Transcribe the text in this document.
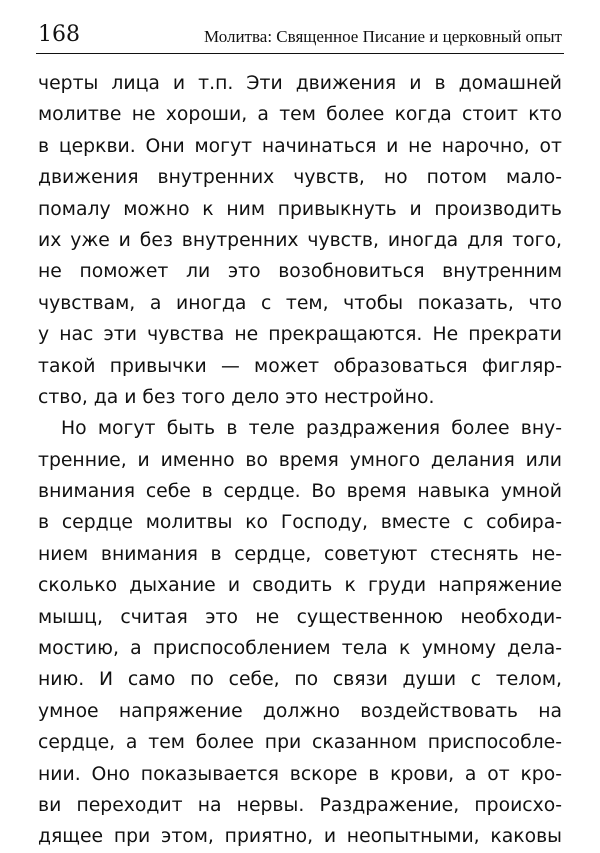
168	Молитва: Священное Писание и церковный опыт
черты лица и т.п. Эти движения и в домашней
молитве не хороши, а тем более когда стоит кто
в церкви. Они могут начинаться и не нарочно, от
движения внутренних чувств, но потом мало-
помалу можно к ним привыкнуть и производить
их уже и без внутренних чувств, иногда для того,
не поможет ли это возобновиться внутренним
чувствам, а иногда с тем, чтобы показать, что
у нас эти чувства не прекращаются. Не прекрати
такой привычки — может образоваться фигляр-
ство, да и без того дело это нестройно.
Но могут быть в теле раздражения более вну-
тренние, и именно во время умного делания или
внимания себе в сердце. Во время навыка умной
в сердце молитвы ко Господу, вместе с собира-
нием внимания в сердце, советуют стеснять не-
сколько дыхание и сводить к груди напряжение
мышц, считая это не существенною необходи-
мостию, а приспособлением тела к умному дела-
нию. И само по себе, по связи души с телом,
умное напряжение должно воздействовать на
сердце, а тем более при сказанном приспособле-
нии. Оно показывается вскоре в крови, а от кро-
ви переходит на нервы. Раздражение, происхо-
дящее при этом, приятно, и неопытными, каковы
